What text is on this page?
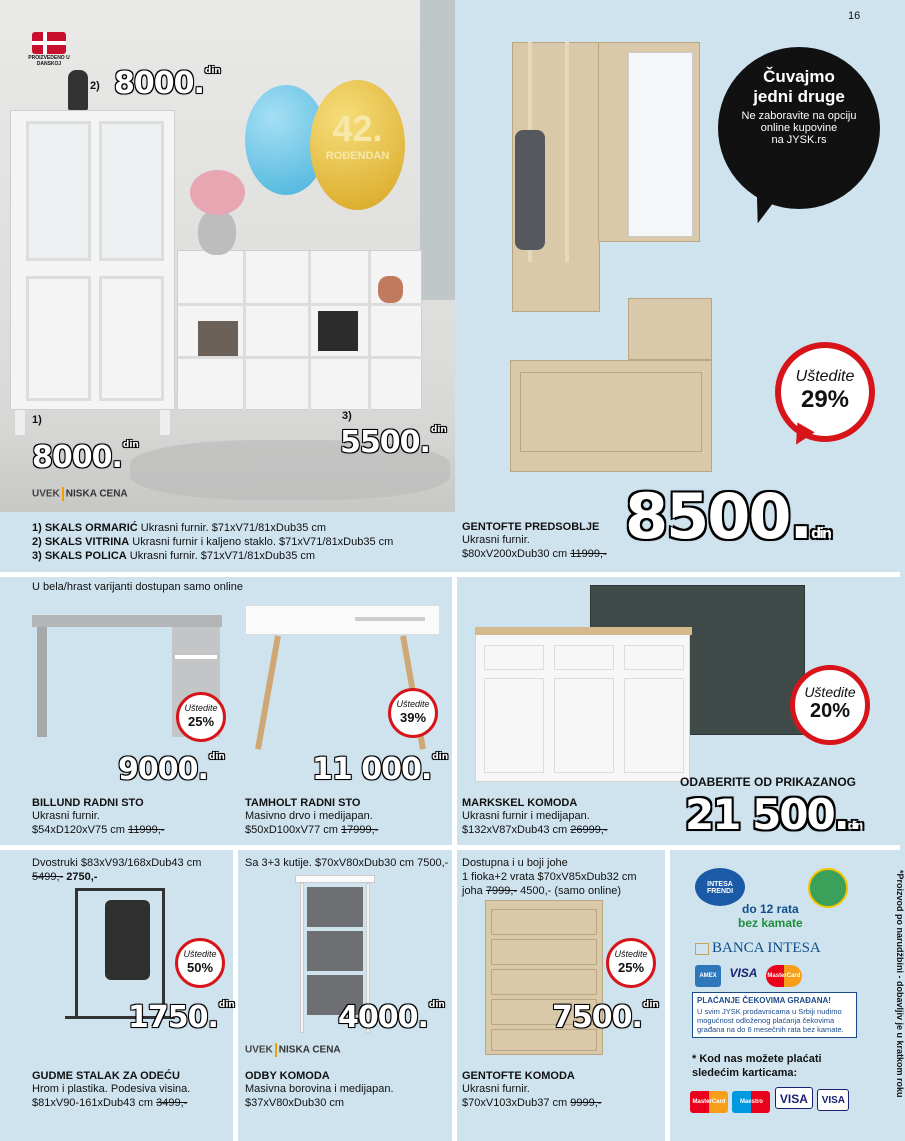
PROIZVEDENO U DANSKOJ
42.
ROĐENDAN
2) 8000.$^{din}$
1)
8000.$^{din}$
3)
5500.$^{din}$
UVEK NISKA CENA
1) SKALS ORMARIĆ Ukrasni furnir. $71xV71/81xDub35 cm
2) SKALS VITRINA Ukrasni furnir i kaljeno staklo. $71xV71/81xDub35 cm
3) SKALS POLICA Ukrasni furnir. $71xV71/81xDub35 cm
16
Čuvajmo
jedni druge
Ne zaboravite na opciju
online kupovine
na JYSK.rs
Uštedite
29%
8500.din
GENTOFTE PREDSOBLJE
Ukrasni furnir.
$80xV200xDub30 cm 11999,-
U bela/hrast varijanti dostupan samo online
Uštedite
25%
9000.$^{din}$
BILLUND RADNI STO
Ukrasni furnir.
$54xD120xV75 cm 11999,-
Uštedite
39%
11 000.$^{din}$
TAMHOLT RADNI STO
Masivno drvo i medijapan.
$50xD100xV77 cm 17999,-
Uštedite
20%
ODABERITE OD PRIKAZANOG
21 500.din
MARKSKEL KOMODA
Ukrasni furnir i medijapan.
$132xV87xDub43 cm 26999,-
Dvostruki $83xV93/168xDub43 cm
5499,- 2750,-
Uštedite
50%
1750.$^{din}$
GUDME STALAK ZA ODEĆU
Hrom i plastika. Podesiva visina.
$81xV90-161xDub43 cm 3499,-
Sa 3+3 kutije. $70xV80xDub30 cm 7500,-
4000.$^{din}$
UVEK NISKA CENA
ODBY KOMODA
Masivna borovina i medijapan.
$37xV80xDub30 cm
Dostupna i u boji johe
1 fioka+2 vrata $70xV85xDub32 cm
joha 7999,- 4500,- (samo online)
Uštedite
25%
7500.$^{din}$
GENTOFTE KOMODA
Ukrasni furnir.
$70xV103xDub37 cm 9999,-
INTESA FRENDI
do 12 rata
bez kamate
BANCA INTESA
AMEX VISA MasterCard
PLAĆANJE ČEKOVIMA GRAĐANA!
U svim JYSK prodavnicama u Srbiji nudimo mogućnost odloženog plaćanja čekovima građana na do 6 mesečnih rata bez kamate.
* Kod nas možete plaćati
sledećim karticama:
MasterCard Maestro VISA VISA
*Proizvod po narudžbini - dobavljiv je u kratkom roku
